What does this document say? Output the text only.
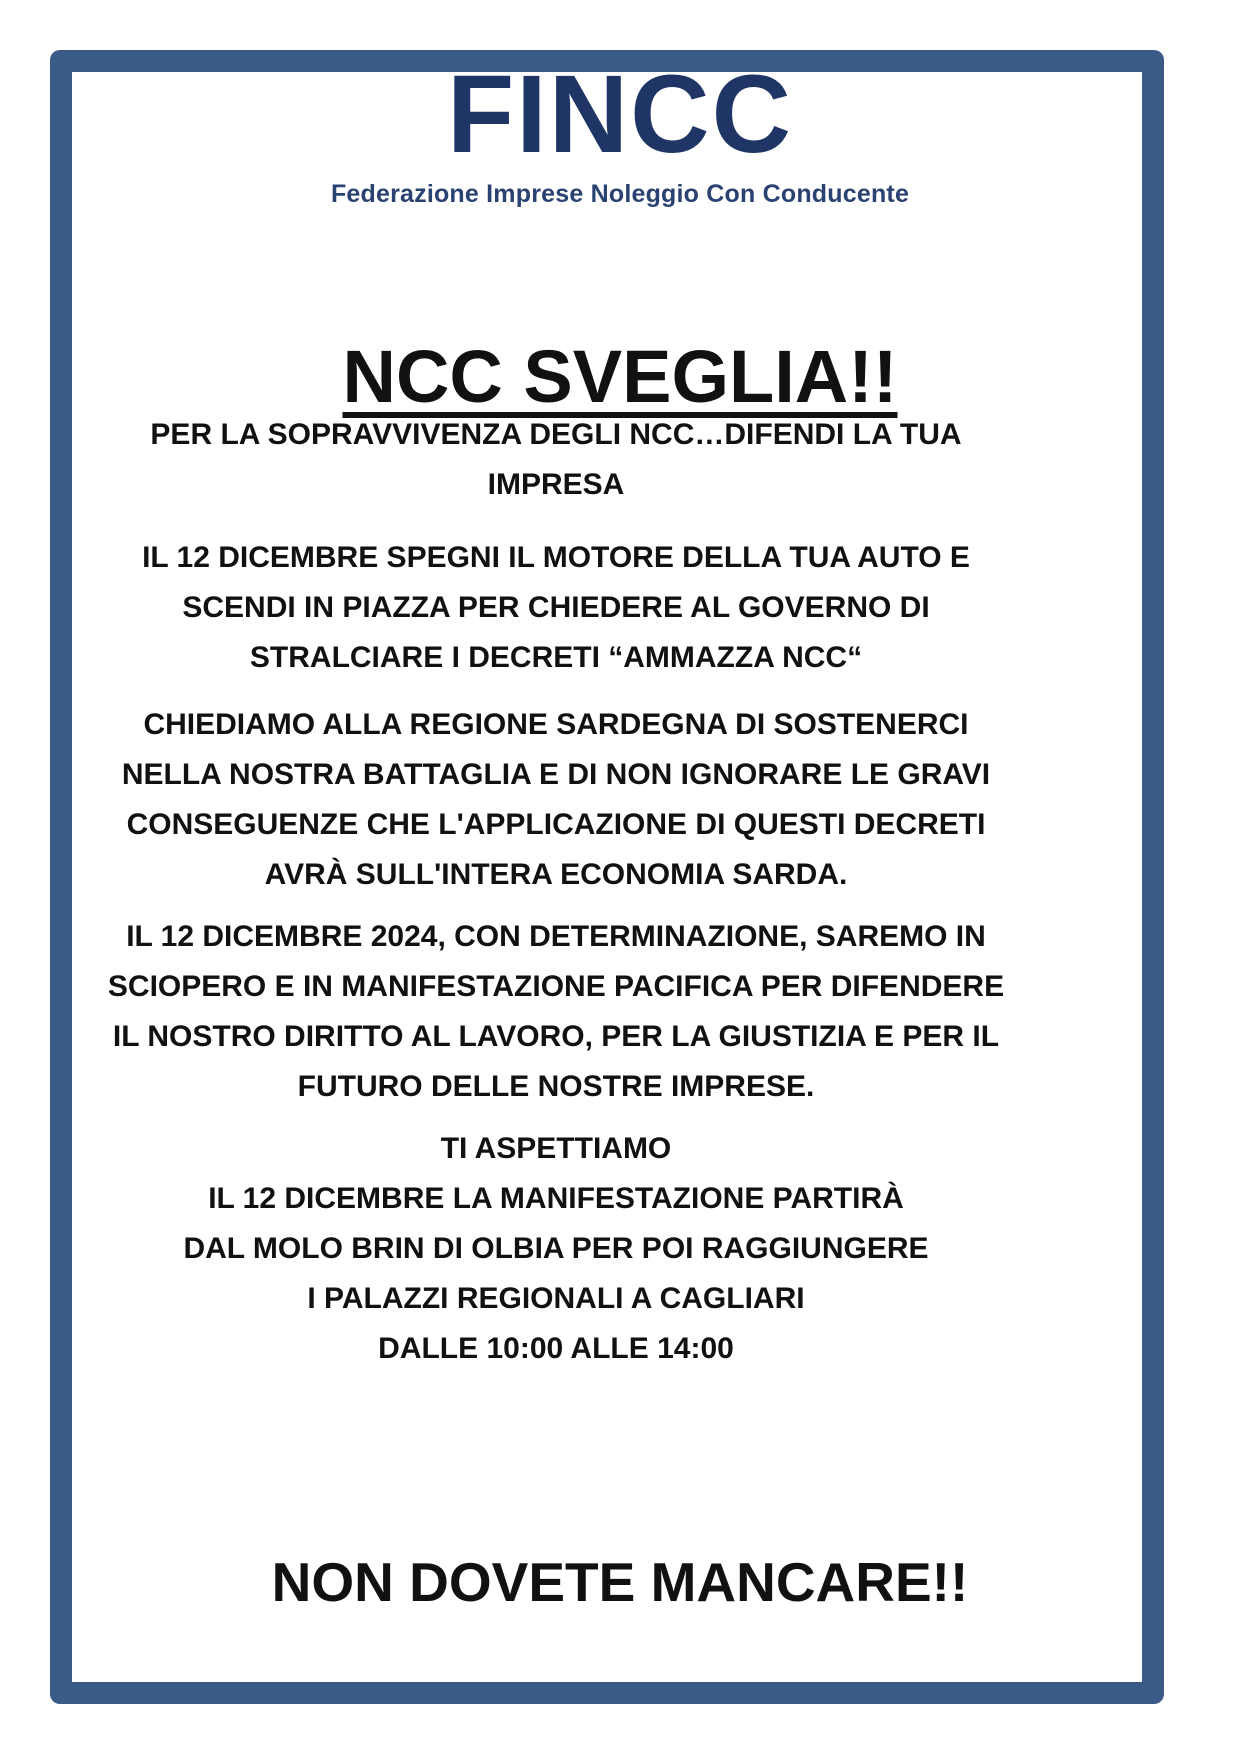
FINCC
Federazione Imprese Noleggio Con Conducente
NCC SVEGLIA!!
PER LA SOPRAVVIVENZA DEGLI NCC…DIFENDI LA TUA
IMPRESA
IL 12 DICEMBRE SPEGNI IL MOTORE DELLA TUA AUTO E
SCENDI IN PIAZZA PER CHIEDERE AL GOVERNO DI
STRALCIARE I DECRETI “AMMAZZA NCC“
CHIEDIAMO ALLA REGIONE SARDEGNA DI SOSTENERCI
NELLA NOSTRA BATTAGLIA E DI NON IGNORARE LE GRAVI
CONSEGUENZE CHE L'APPLICAZIONE DI QUESTI DECRETI
AVRÀ SULL'INTERA ECONOMIA SARDA.
IL 12 DICEMBRE 2024, CON DETERMINAZIONE, SAREMO IN
SCIOPERO E IN MANIFESTAZIONE PACIFICA PER DIFENDERE
IL NOSTRO DIRITTO AL LAVORO, PER LA GIUSTIZIA E PER IL
FUTURO DELLE NOSTRE IMPRESE.
TI ASPETTIAMO
IL 12 DICEMBRE LA MANIFESTAZIONE PARTIRÀ
DAL MOLO BRIN DI OLBIA PER POI RAGGIUNGERE
I PALAZZI REGIONALI A CAGLIARI
DALLE 10:00 ALLE 14:00
NON DOVETE MANCARE!!
